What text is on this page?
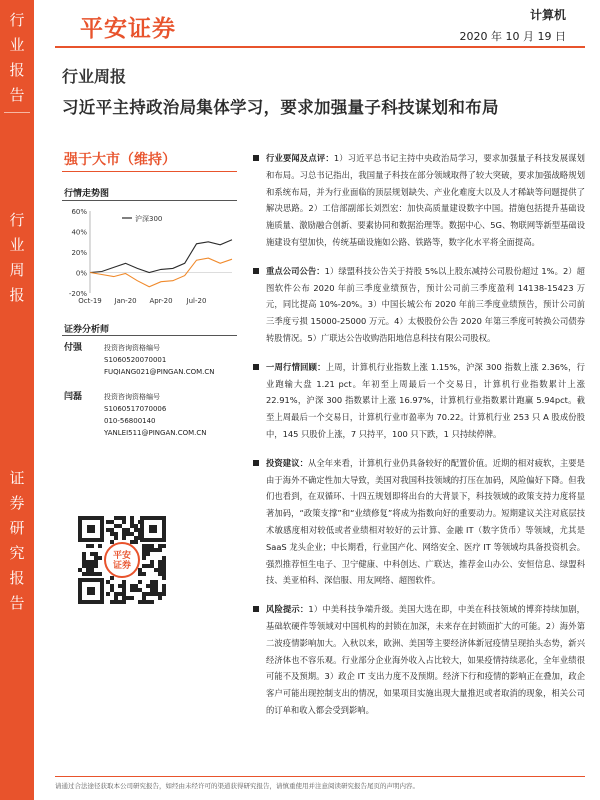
行
业
报
告
行
业
周
报
证
券
研
究
报
告
平安证券
计算机
2020 年 10 月 19 日
行业周报
习近平主持政治局集体学习，要求加强量子科技谋划和布局
强于大市（维持）
行情走势图
-20%
0%
20%
40%
60%
Oct-19 Jan-20 Apr-20 Jul-20
沪深300
证券分析师
付强	投资咨询资格编号
S1060520070001
FUQIANG021@PINGAN.COM.CN
闫磊	投资咨询资格编号
S1060517070006
010-56800140
YANLEI511@PINGAN.COM.CN
平安
证券
行业要闻及点评：1）习近平总书记主持中央政治局学习，要求加强量子科技发展谋划和布局。习总书记指出，我国量子科技在部分领域取得了较大突破，要求加强战略规划和系统布局，并为行业面临的顶层规划缺失、产业化难度大以及人才稀缺等问题提供了解决思路。2）工信部副部长刘烈宏：加快高质量建设数字中国。措施包括提升基础设施质量、激励融合创新、要素协同和数据治理等。数据中心、5G、物联网等新型基础设施建设有望加快，传统基础设施如公路、铁路等，数字化水平将全面提高。
重点公司公告：1）绿盟科技公告关于持股 5%以上股东减持公司股份超过 1%。2）超图软件公布 2020 年前三季度业绩预告，预计公司前三季度盈利 14138-15423 万元，同比提高 10%-20%。3）中国长城公布 2020 年前三季度业绩预告，预计公司前三季度亏损 15000-25000 万元。4）太极股份公告 2020 年第三季度可转换公司债券转股情况。5）广联达公告收购浩阳地信息科技有限公司股权。
一周行情回顾：上周，计算机行业指数上涨 1.15%，沪深 300 指数上涨 2.36%，行业跑输大盘 1.21 pct。年初至上周最后一个交易日，计算机行业指数累计上涨 22.91%，沪深 300 指数累计上涨 16.97%，计算机行业指数累计跑赢 5.94pct。截至上周最后一个交易日，计算机行业市盈率为 70.22。计算机行业 253 只 A 股成份股中，145 只股价上涨，7 只持平，100 只下跌，1 只持续停牌。
投资建议：从全年来看，计算机行业仍具备较好的配置价值。近期的相对疲软，主要是由于海外不确定性加大导致，美国对我国科技领域的打压在加码，风险偏好下降。但我们也看到，在双循环、十四五规划即将出台的大背景下，科技领域的政策支持力度将显著加码，“政策支撑”和“业绩修复”将成为指数向好的重要动力。短期建议关注对底层技术敏感度相对较低或者业绩相对较好的云计算、金融 IT（数字货币）等领域，尤其是 SaaS 龙头企业；中长期看，行业国产化、网络安全、医疗 IT 等领域均具备投资机会。强烈推荐恒生电子、卫宁健康、中科创达、广联达，推荐金山办公、安恒信息、绿盟科技、美亚柏科、深信服、用友网络、超图软件。
风险提示：1）中美科技争端升级。美国大选在即，中美在科技领域的博弈持续加剧，基础软硬件等领域对中国机构的封锁在加深，未来存在封锁面扩大的可能。2）海外第二波疫情影响加大。入秋以来，欧洲、美国等主要经济体新冠疫情呈现抬头态势，新兴经济体也不容乐观。行业部分企业海外收入占比较大，如果疫情持续恶化，全年业绩很可能不及预期。3）政企 IT 支出力度不及预期。经济下行和疫情的影响正在叠加，政企客户可能出现控制支出的情况，如果项目实施出现大量推迟或者取消的现象，相关公司的订单和收入都会受到影响。
请通过合法途径获取本公司研究报告，如经由未经许可的渠道获得研究报告，请慎重使用并注意阅读研究报告尾页的声明内容。
